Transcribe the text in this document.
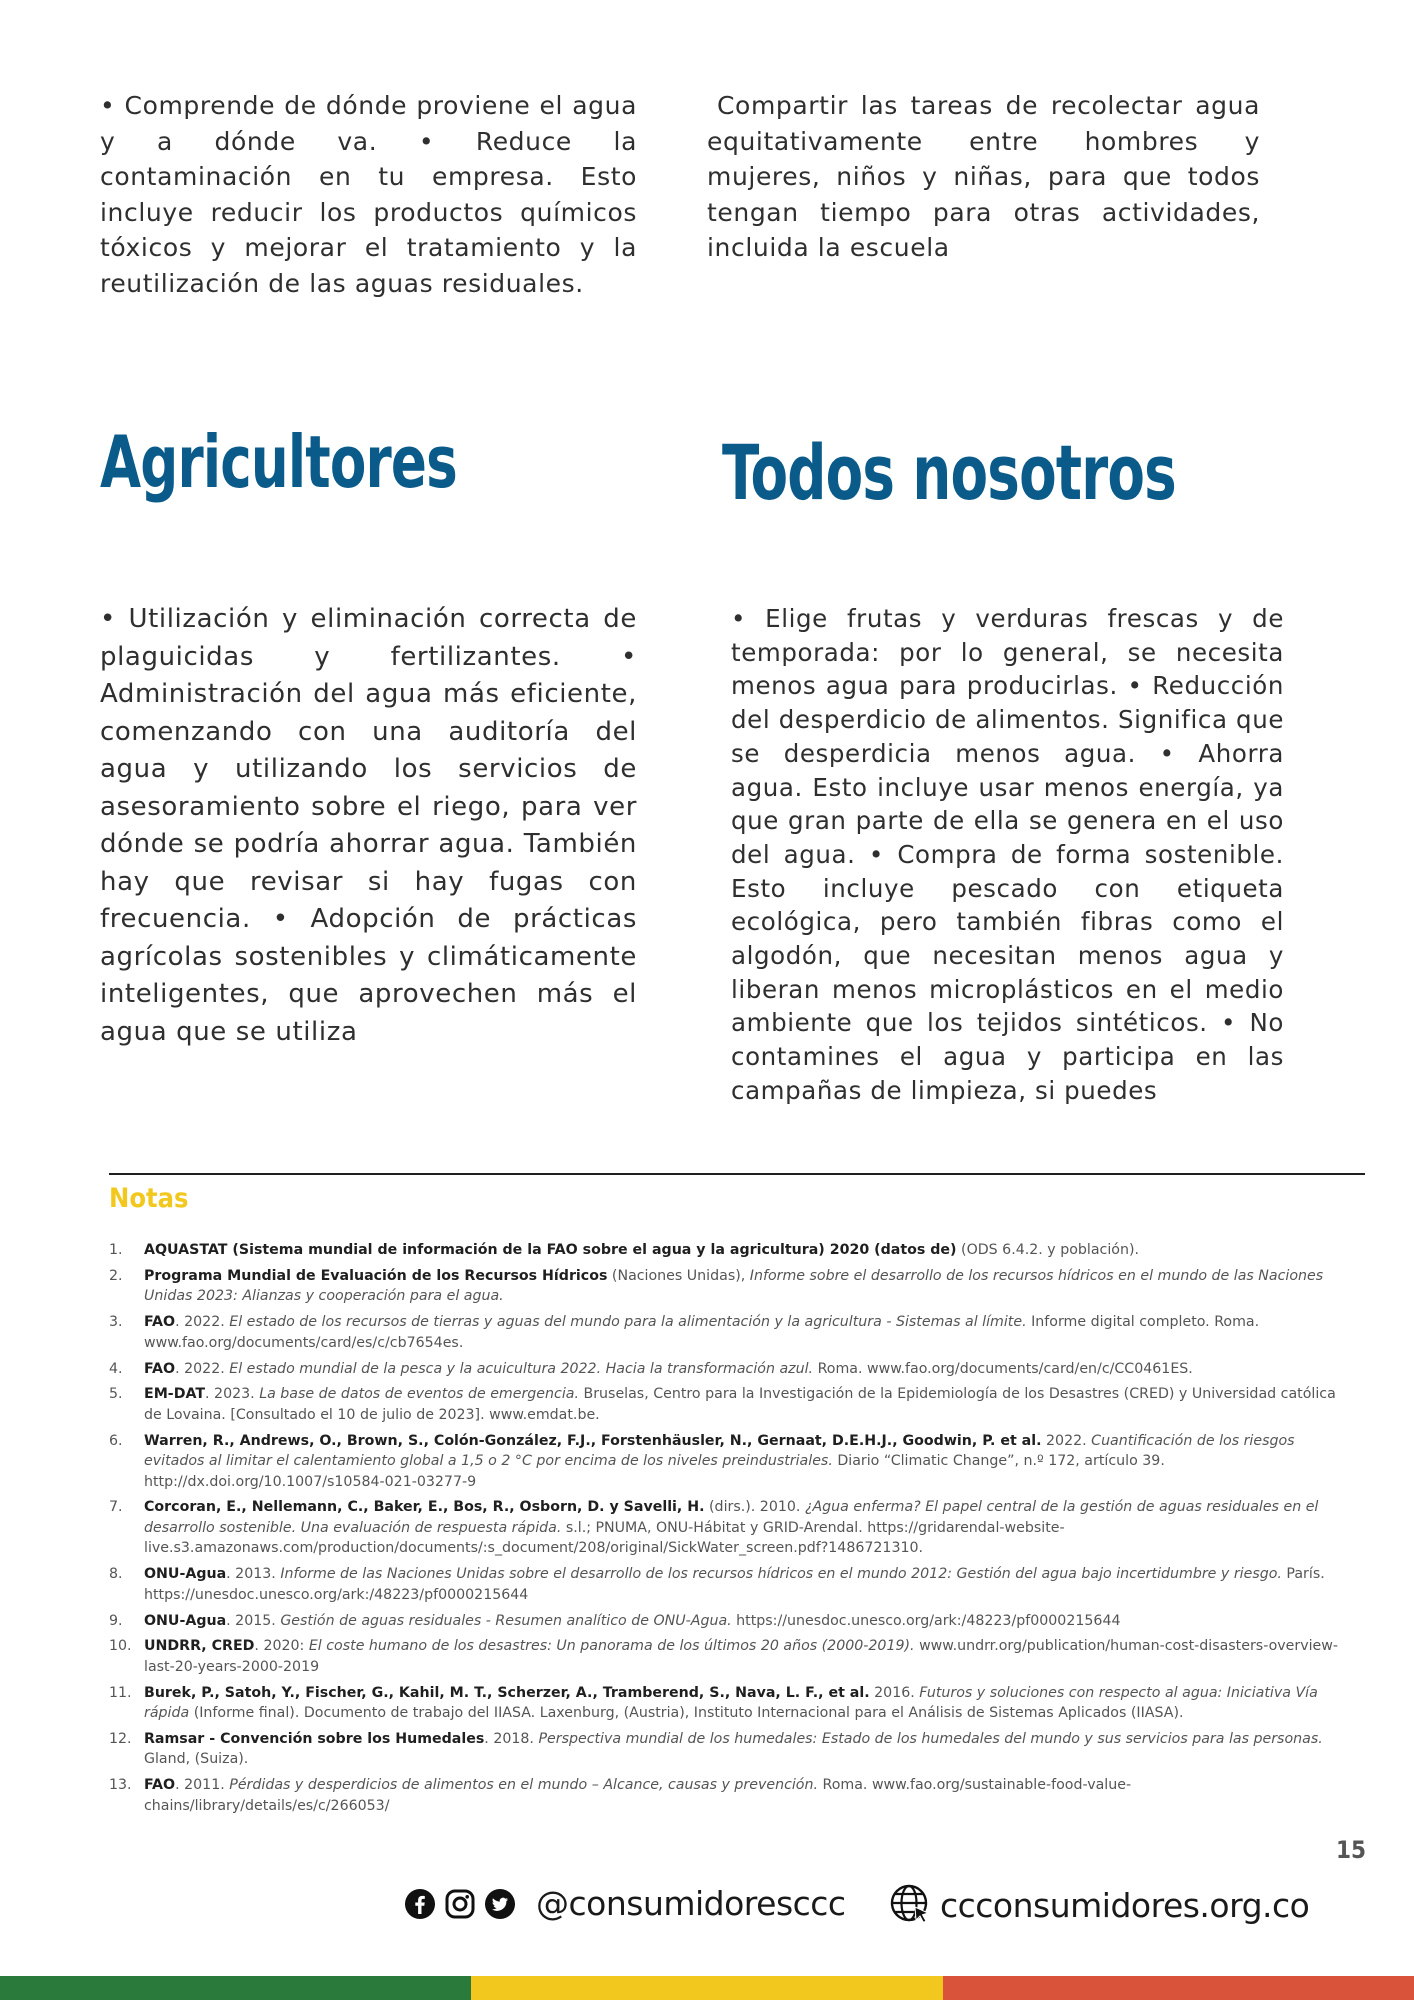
• Comprende de dónde proviene el agua y a dónde va. • Reduce la contaminación en tu empresa. Esto incluye reducir los productos químicos tóxicos y mejorar el tratamiento y la reutilización de las aguas residuales.
Compartir las tareas de recolectar agua equitativamente entre hombres y mujeres, niños y niñas, para que todos tengan tiempo para otras actividades, incluida la escuela
Agricultores	Todos nosotros
• Utilización y eliminación correcta de plaguicidas y fertilizantes. • Administración del agua más eficiente, comenzando con una auditoría del agua y utilizando los servicios de asesoramiento sobre el riego, para ver dónde se podría ahorrar agua. También hay que revisar si hay fugas con frecuencia. • Adopción de prácticas agrícolas sostenibles y climáticamente inteligentes, que aprovechen más el agua que se utiliza
• Elige frutas y verduras frescas y de temporada: por lo general, se necesita menos agua para producirlas. • Reducción del desperdicio de alimentos. Significa que se desperdicia menos agua. • Ahorra agua. Esto incluye usar menos energía, ya que gran parte de ella se genera en el uso del agua. • Compra de forma sostenible. Esto incluye pescado con etiqueta ecológica, pero también fibras como el algodón, que necesitan menos agua y liberan menos microplásticos en el medio ambiente que los tejidos sintéticos. • No contamines el agua y participa en las campañas de limpieza, si puedes
Notas
1.	AQUASTAT (Sistema mundial de información de la FAO sobre el agua y la agricultura) 2020 (datos de) (ODS 6.4.2. y población).
2.	Programa Mundial de Evaluación de los Recursos Hídricos (Naciones Unidas), Informe sobre el desarrollo de los recursos hídricos en el mundo de las Naciones Unidas 2023: Alianzas y cooperación para el agua.
3.	FAO. 2022. El estado de los recursos de tierras y aguas del mundo para la alimentación y la agricultura - Sistemas al límite. Informe digital completo. Roma. www.fao.org/documents/card/es/c/cb7654es.
4.	FAO. 2022. El estado mundial de la pesca y la acuicultura 2022. Hacia la transformación azul. Roma. www.fao.org/documents/card/en/c/CC0461ES.
5.	EM-DAT. 2023. La base de datos de eventos de emergencia. Bruselas, Centro para la Investigación de la Epidemiología de los Desastres (CRED) y Universidad católica de Lovaina. [Consultado el 10 de julio de 2023]. www.emdat.be.
6.	Warren, R., Andrews, O., Brown, S., Colón-González, F.J., Forstenhäusler, N., Gernaat, D.E.H.J., Goodwin, P. et al. 2022. Cuantificación de los riesgos evitados al limitar el calentamiento global a 1,5 o 2 °C por encima de los niveles preindustriales. Diario “Climatic Change”, n.º 172, artículo 39. http://dx.doi.org/10.1007/s10584-021-03277-9
7.	Corcoran, E., Nellemann, C., Baker, E., Bos, R., Osborn, D. y Savelli, H. (dirs.). 2010. ¿Agua enferma? El papel central de la gestión de aguas residuales en el desarrollo sostenible. Una evaluación de respuesta rápida. s.l.; PNUMA, ONU-Hábitat y GRID-Arendal. https://gridarendal-website-live.s3.amazonaws.com/production/documents/:s_document/208/original/SickWater_screen.pdf?1486721310.
8.	ONU-Agua. 2013. Informe de las Naciones Unidas sobre el desarrollo de los recursos hídricos en el mundo 2012: Gestión del agua bajo incertidumbre y riesgo. París. https://unesdoc.unesco.org/ark:/48223/pf0000215644
9.	ONU-Agua. 2015. Gestión de aguas residuales - Resumen analítico de ONU-Agua. https://unesdoc.unesco.org/ark:/48223/pf0000215644
10. UNDRR, CRED. 2020: El coste humano de los desastres: Un panorama de los últimos 20 años (2000-2019). www.undrr.org/publication/human-cost-disasters-overview-last-20-years-2000-2019
11. Burek, P., Satoh, Y., Fischer, G., Kahil, M. T., Scherzer, A., Tramberend, S., Nava, L. F., et al. 2016. Futuros y soluciones con respecto al agua: Iniciativa Vía rápida (Informe final). Documento de trabajo del IIASA. Laxenburg, (Austria), Instituto Internacional para el Análisis de Sistemas Aplicados (IIASA).
12. Ramsar - Convención sobre los Humedales. 2018. Perspectiva mundial de los humedales: Estado de los humedales del mundo y sus servicios para las personas. Gland, (Suiza).
13. FAO. 2011. Pérdidas y desperdicios de alimentos en el mundo – Alcance, causas y prevención. Roma. www.fao.org/sustainable-food-value-chains/library/details/es/c/266053/
15
@consumidoresccc	ccconsumidores.org.co
